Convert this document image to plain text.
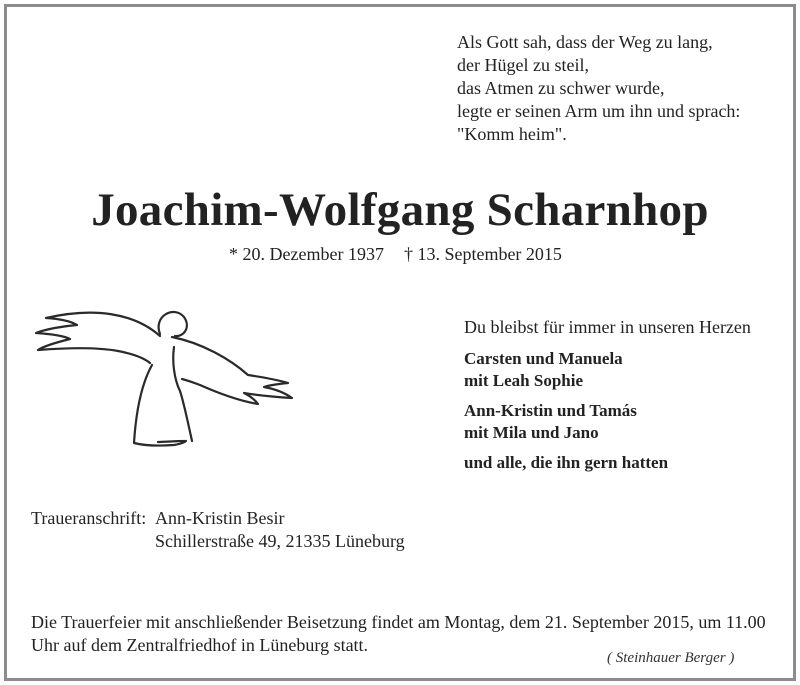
Als Gott sah, dass der Weg zu lang,
der Hügel zu steil,
das Atmen zu schwer wurde,
legte er seinen Arm um ihn und sprach:
"Komm heim".
Joachim-Wolfgang Scharnhop
* 20. Dezember 1937 † 13. September 2015
Du bleibst für immer in unseren Herzen
Carsten und Manuela
mit Leah Sophie
Ann-Kristin und Tamás
mit Mila und Jano
und alle, die ihn gern hatten
Traueranschrift: Ann-Kristin Besir
Schillerstraße 49, 21335 Lüneburg
Die Trauerfeier mit anschließender Beisetzung findet am Montag, dem 21. September 2015, um 11.00 Uhr auf dem Zentralfriedhof in Lüneburg statt.
( Steinhauer Berger )
